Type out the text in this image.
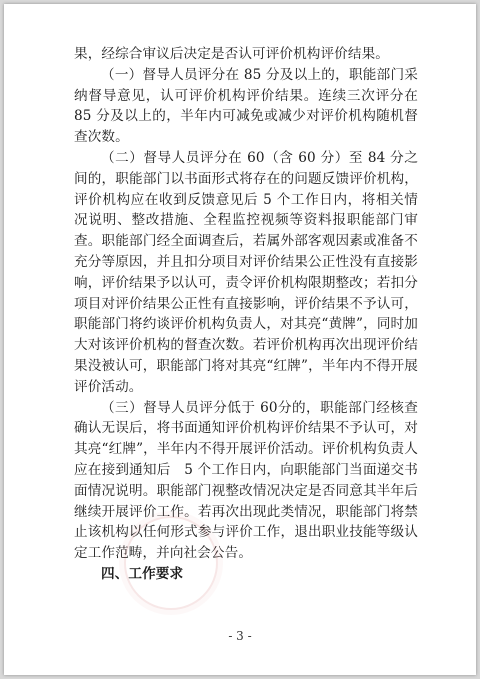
果，经综合审议后决定是否认可评价机构评价结果。

（一）督导人员评分在 85 分及以上的，职能部门采纳督导意见，认可评价机构评价结果。连续三次评分在 85 分及以上的，半年内可减免或减少对评价机构随机督查次数。

（二）督导人员评分在 60（含 60 分）至 84 分之间的，职能部门以书面形式将存在的问题反馈评价机构，评价机构应在收到反馈意见后 5 个工作日内，将相关情况说明、整改措施、全程监控视频等资料报职能部门审查。职能部门经全面调查后，若属外部客观因素或准备不充分等原因，并且扣分项目对评价结果公正性没有直接影响，评价结果予以认可，责令评价机构限期整改；若扣分项目对评价结果公正性有直接影响，评价结果不予认可，职能部门将约谈评价机构负责人，对其亮“黄牌”，同时加大对该评价机构的督查次数。若评价机构再次出现评价结果没被认可，职能部门将对其亮“红牌”，半年内不得开展评价活动。

（三）督导人员评分低于 60分的，职能部门经核查确认无误后，将书面通知评价机构评价结果不予认可，对其亮“红牌”，半年内不得开展评价活动。评价机构负责人应在接到通知后　5 个工作日内，向职能部门当面递交书面情况说明。职能部门视整改情况决定是否同意其半年后继续开展评价工作。若再次出现此类情况，职能部门将禁止该机构以任何形式参与评价工作，退出职业技能等级认定工作范畴，并向社会公告。

四、工作要求

- 3 -
